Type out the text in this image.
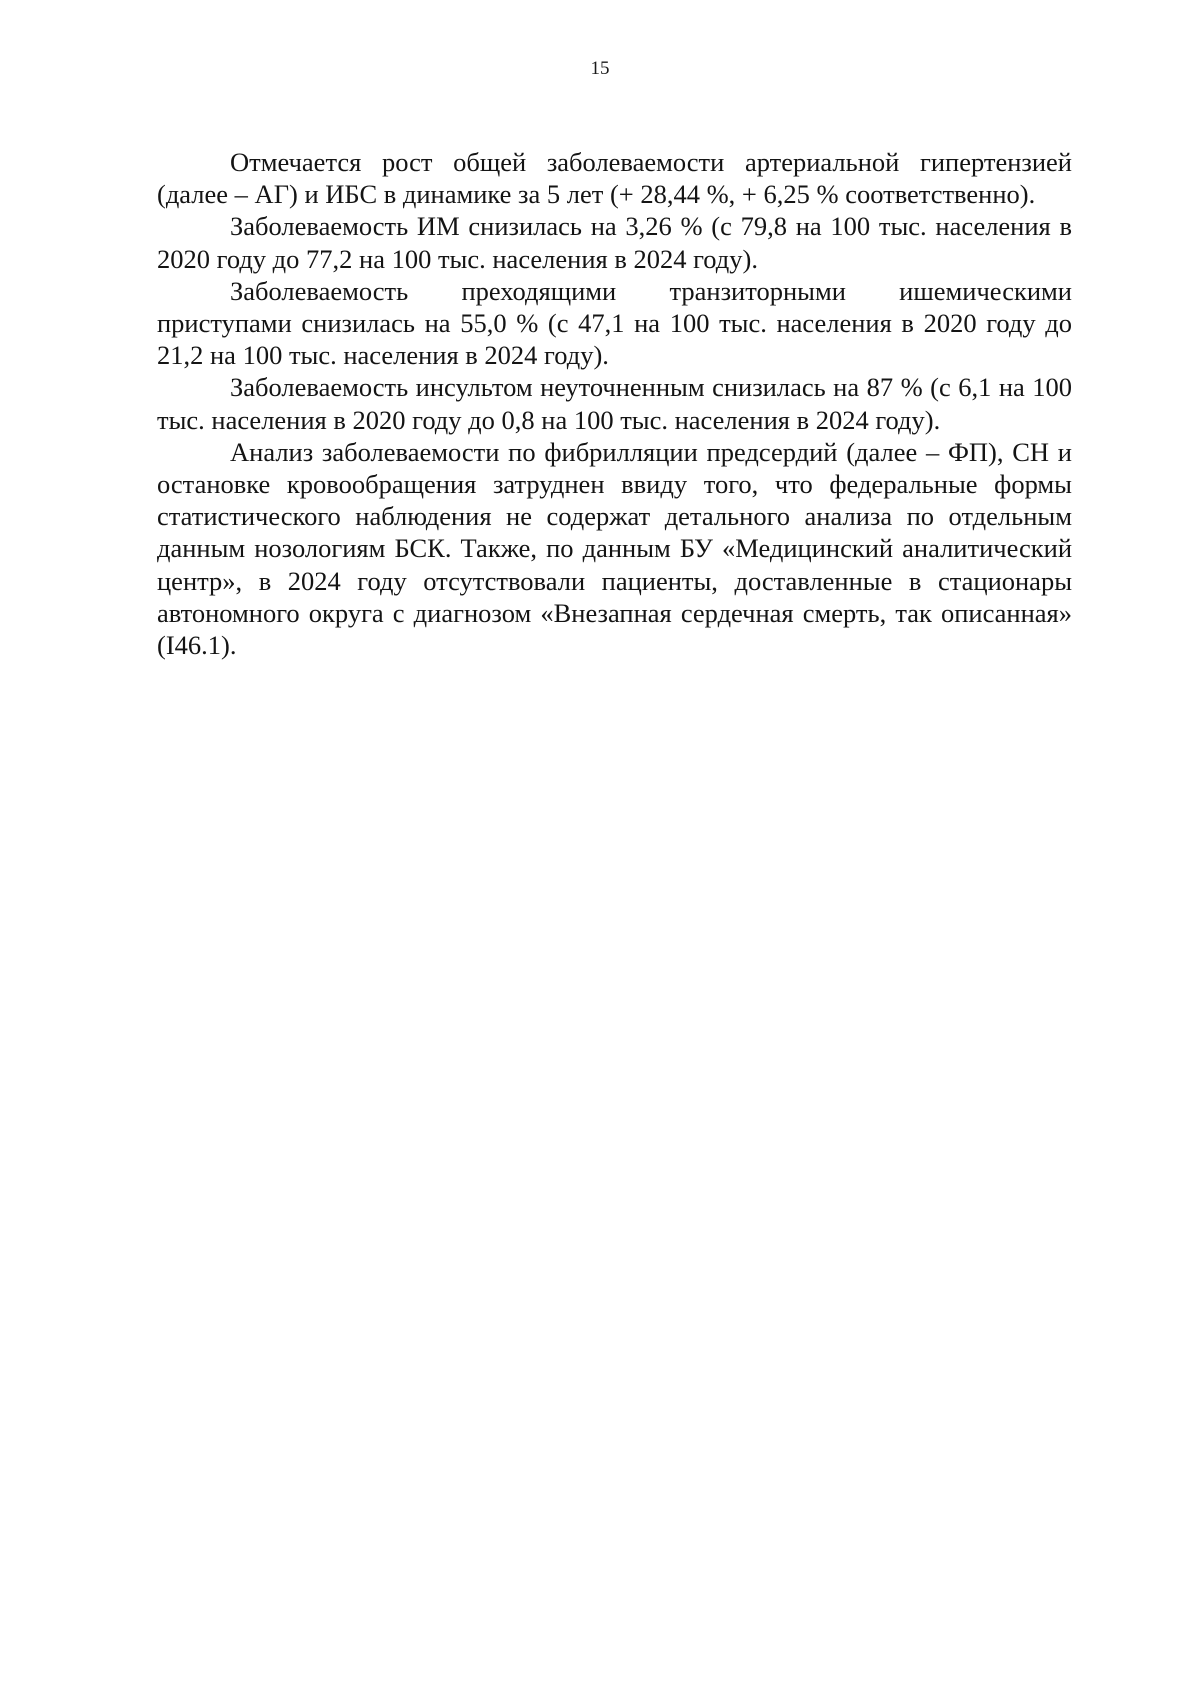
15

Отмечается рост общей заболеваемости артериальной гипертензией (далее – АГ) и ИБС в динамике за 5 лет (+ 28,44 %, + 6,25 % соответственно).

Заболеваемость ИМ снизилась на 3,26 % (с 79,8 на 100 тыс. населения в 2020 году до 77,2 на 100 тыс. населения в 2024 году).

Заболеваемость преходящими транзиторными ишемическими приступами снизилась на 55,0 % (с 47,1 на 100 тыс. населения в 2020 году до 21,2 на 100 тыс. населения в 2024 году).

Заболеваемость инсультом неуточненным снизилась на 87 % (с 6,1 на 100 тыс. населения в 2020 году до 0,8 на 100 тыс. населения в 2024 году).

Анализ заболеваемости по фибрилляции предсердий (далее – ФП), СН и остановке кровообращения затруднен ввиду того, что федеральные формы статистического наблюдения не содержат детального анализа по отдельным данным нозологиям БСК. Также, по данным БУ «Медицинский аналитический центр», в 2024 году отсутствовали пациенты, доставленные в стационары автономного округа с диагнозом «Внезапная сердечная смерть, так описанная» (I46.1).
